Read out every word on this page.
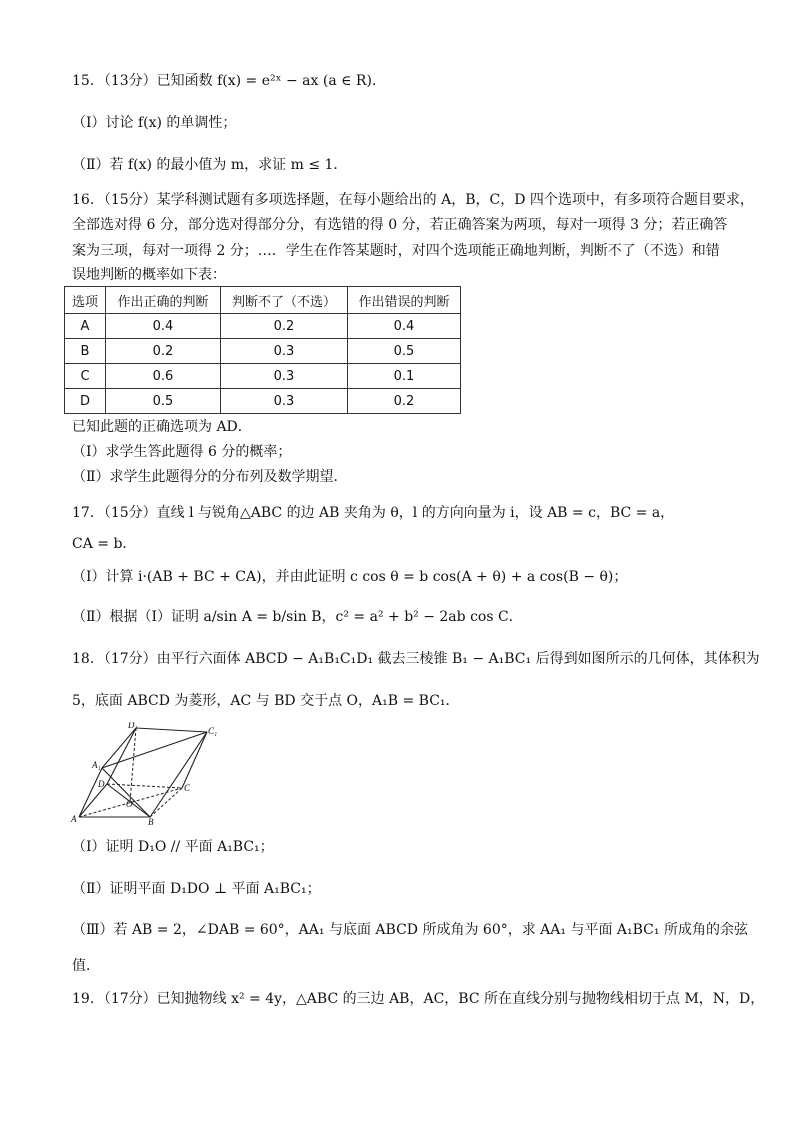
15．（13分）已知函数 f(x) = e²ˣ − ax (a ∈ R)．
（Ⅰ）讨论 f(x) 的单调性；
（Ⅱ）若 f(x) 的最小值为 m，求证 m ≤ 1．
16．（15分）某学科测试题有多项选择题，在每小题给出的 A，B，C，D 四个选项中，有多项符合题目要求，
全部选对得 6 分，部分选对得部分分，有选错的得 0 分，若正确答案为两项，每对一项得 3 分；若正确答
案为三项，每对一项得 2 分；…．学生在作答某题时，对四个选项能正确地判断，判断不了（不选）和错
误地判断的概率如下表：
选项	作出正确的判断	判断不了（不选）	作出错误的判断
A	0.4	0.2	0.4
B	0.2	0.3	0.5
C	0.6	0.3	0.1
D	0.5	0.3	0.2
已知此题的正确选项为 AD．
（Ⅰ）求学生答此题得 6 分的概率；
（Ⅱ）求学生此题得分的分布列及数学期望．
17．（15分）直线 l 与锐角△ABC 的边 AB 夹角为 θ，l 的方向向量为 i，设 AB = c，BC = a，
CA = b．
（Ⅰ）计算 i·(AB + BC + CA)，并由此证明 c cos θ = b cos(A + θ) + a cos(B − θ)；
（Ⅱ）根据（Ⅰ）证明 a/sin A = b/sin B，c² = a² + b² − 2ab cos C．
18．（17分）由平行六面体 ABCD − A₁B₁C₁D₁ 截去三棱锥 B₁ − A₁BC₁ 后得到如图所示的几何体，其体积为
5，底面 ABCD 为菱形，AC 与 BD 交于点 O，A₁B = BC₁．
D₁
C₁
A₁
D	C
O
A	B
（Ⅰ）证明 D₁O // 平面 A₁BC₁；
（Ⅱ）证明平面 D₁DO ⊥ 平面 A₁BC₁；
（Ⅲ）若 AB = 2，∠DAB = 60°，AA₁ 与底面 ABCD 所成角为 60°，求 AA₁ 与平面 A₁BC₁ 所成角的余弦
值．
19．（17分）已知抛物线 x² = 4y，△ABC 的三边 AB，AC，BC 所在直线分别与抛物线相切于点 M，N，D，
